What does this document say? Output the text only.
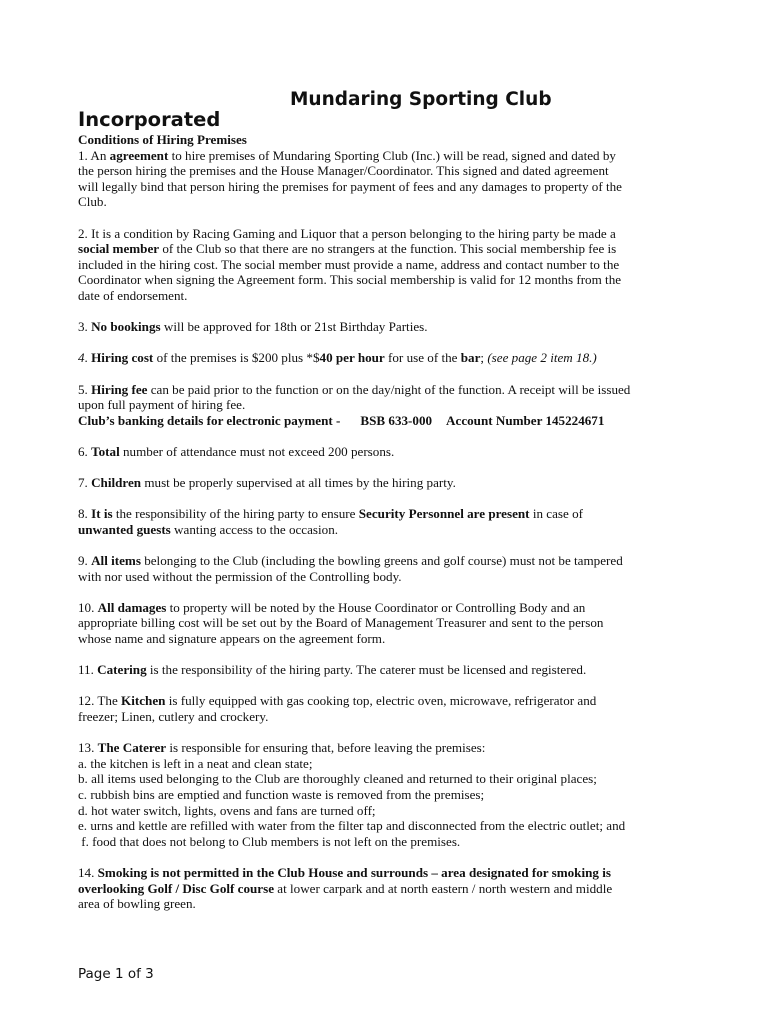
Mundaring Sporting Club
Incorporated
Conditions of Hiring Premises
1. An agreement to hire premises of Mundaring Sporting Club (Inc.) will be read, signed and dated by
the person hiring the premises and the House Manager/Coordinator. This signed and dated agreement
will legally bind that person hiring the premises for payment of fees and any damages to property of the
Club.
2. It is a condition by Racing Gaming and Liquor that a person belonging to the hiring party be made a
social member of the Club so that there are no strangers at the function. This social membership fee is
included in the hiring cost. The social member must provide a name, address and contact number to the
Coordinator when signing the Agreement form. This social membership is valid for 12 months from the
date of endorsement.
3. No bookings will be approved for 18th or 21st Birthday Parties.
4. Hiring cost of the premises is $200 plus *$40 per hour for use of the bar; (see page 2 item 18.)
5. Hiring fee can be paid prior to the function or on the day/night of the function. A receipt will be issued
upon full payment of hiring fee.
Club’s banking details for electronic payment - BSB 633-000 Account Number 145224671
6. Total number of attendance must not exceed 200 persons.
7. Children must be properly supervised at all times by the hiring party.
8. It is the responsibility of the hiring party to ensure Security Personnel are present in case of
unwanted guests wanting access to the occasion.
9. All items belonging to the Club (including the bowling greens and golf course) must not be tampered
with nor used without the permission of the Controlling body.
10. All damages to property will be noted by the House Coordinator or Controlling Body and an
appropriate billing cost will be set out by the Board of Management Treasurer and sent to the person
whose name and signature appears on the agreement form.
11. Catering is the responsibility of the hiring party. The caterer must be licensed and registered.
12. The Kitchen is fully equipped with gas cooking top, electric oven, microwave, refrigerator and
freezer; Linen, cutlery and crockery.
13. The Caterer is responsible for ensuring that, before leaving the premises:
a. the kitchen is left in a neat and clean state;
b. all items used belonging to the Club are thoroughly cleaned and returned to their original places;
c. rubbish bins are emptied and function waste is removed from the premises;
d. hot water switch, lights, ovens and fans are turned off;
e. urns and kettle are refilled with water from the filter tap and disconnected from the electric outlet; and
f. food that does not belong to Club members is not left on the premises.
14. Smoking is not permitted in the Club House and surrounds – area designated for smoking is
overlooking Golf / Disc Golf course at lower carpark and at north eastern / north western and middle
area of bowling green.
Page 1 of 3
